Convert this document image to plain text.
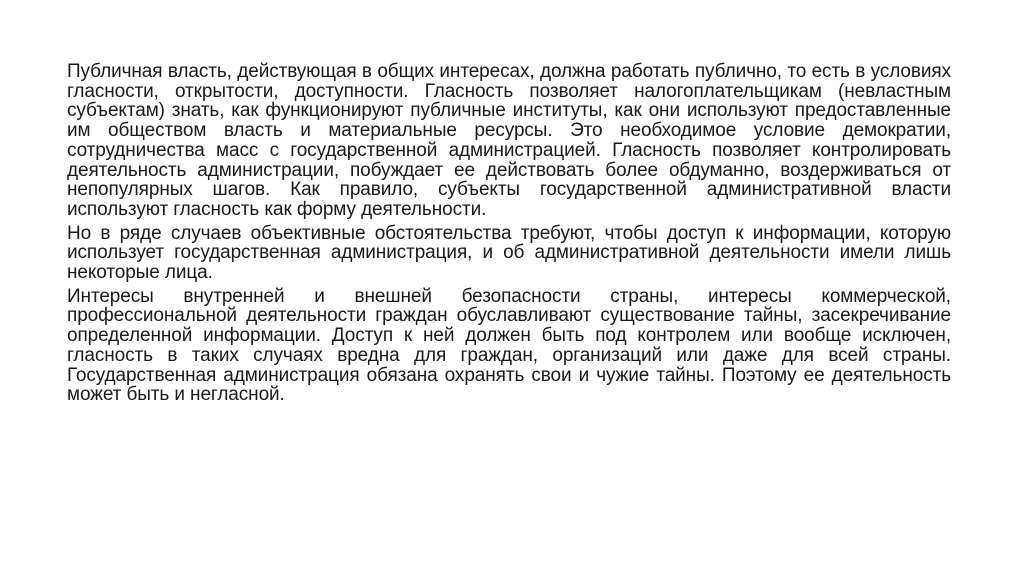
Публичная власть, действующая в общих интересах, должна работать публично, то есть в условиях гласности, открытости, доступности. Гласность позволяет налогоплательщикам (невластным субъектам) знать, как функционируют публичные институты, как они используют предоставленные им обществом власть и материальные ресурсы. Это необходимое условие демократии, сотрудничества масс с государственной администрацией. Гласность позволяет контролировать деятельность администрации, побуждает ее действовать более обдуманно, воздерживаться от непопулярных шагов. Как правило, субъекты государственной административной власти используют гласность как форму деятельности.

Но в ряде случаев объективные обстоятельства требуют, чтобы доступ к информации, которую использует государственная администрация, и об административной деятельности имели лишь некоторые лица.

Интересы внутренней и внешней безопасности страны, интересы коммерческой, профессиональной деятельности граждан обуславливают существование тайны, засекречивание определенной информации. Доступ к ней должен быть под контролем или вообще исключен, гласность в таких случаях вредна для граждан, организаций или даже для всей страны. Государственная администрация обязана охранять свои и чужие тайны. Поэтому ее деятельность может быть и негласной.
